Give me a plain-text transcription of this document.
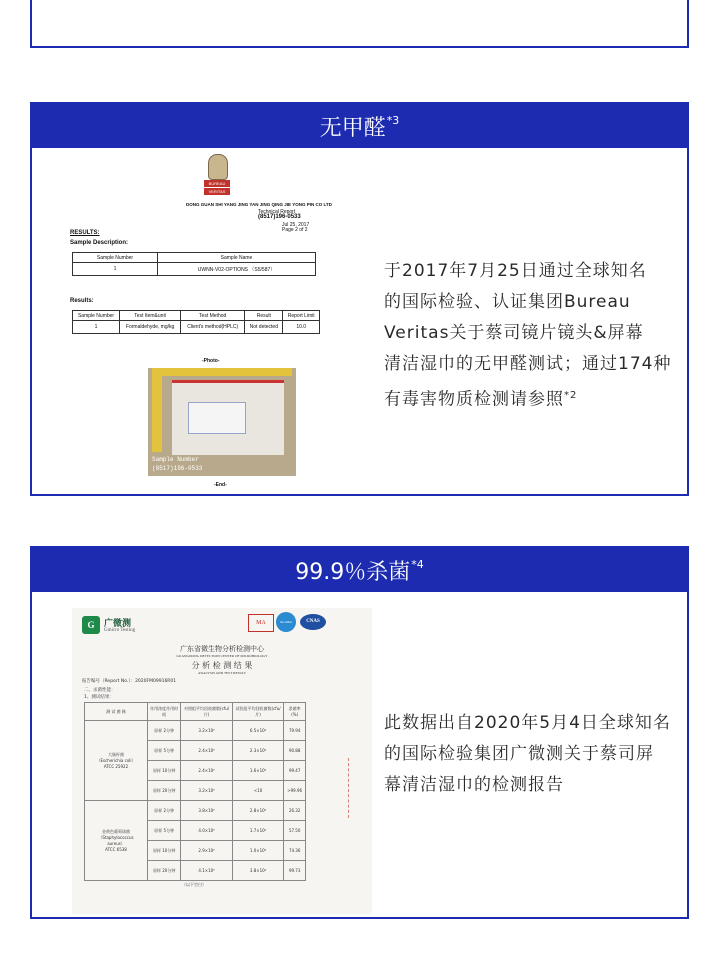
无甲醛$^{*3}$
BUREAU
VERITAS
DONG GUAN SHI YANG JING YAN JING QING JIE YONG PIN CO LTD
Technical Report
(8517)196-0533
Jul 25, 2017
Page 2 of 2
RESULTS:
Sample Description:
Sample Number	Sample Name
1	UWNN-V02-OPTIONS （S5/587）
Results:
Sample Number	Test Item&unit	Test Method	Result	Report Limit
1	Formaldehyde, mg/kg	Client's method(HPLC)	Not detected	10.0
-Photo-
Sample Number
(8517)196-0533
-End-
于2017年7月25日通过全球知名
的国际检验、认证集团Bureau
Veritas关于蔡司镜片镜头&屏幕
清洁湿巾的无甲醛测试；通过174种
有毒害物质检测请参照$^{*2}$
99.9％杀菌$^{*4}$
G	广微测
Gmicro Testing
MA	ilac-MRA	CNAS
广东省微生物分析检测中心
GUANGDONG DETECTION CENTER OF MICROBIOLOGY
分 析 检 测 结 果
ANALYSIS AND TEST RESULT
报告编号（Report No.）：2020FM09916R01
二、杀菌性能：
1、测试结果：
测 试 菌 株	作用浓度作用时间	对照组平均回收菌数(cfu/片)	试验组平均回收菌数(cfu/片)	杀菌率(%)

大肠杆菌
（Escherichia coli）
ATCC 25922	原样 2分钟	3.2×10⁶	6.5×10⁴	79.94
	原样 5分钟	2.4×10⁶	2.3×10⁵	90.88
	原样 10分钟	2.4×10⁶	1.6×10⁵	99.47
	原样 20分钟	3.2×10⁶	<10	>99.96

金黄色葡萄球菌
（Staphylococcus
aureus）
ATCC 6538	原样 2分钟	3.8×10⁶	2.8×10⁶	26.32
	原样 5分钟	4.0×10⁶	1.7×10⁶	57.50
	原样 10分钟	2.9×10⁶	1.0×10⁵	74.36
	原样 20分钟	4.1×10⁶	3.8×10⁴	99.73
（以下空白）
此数据出自2020年5月4日全球知名
的国际检验集团广微测关于蔡司屏
幕清洁湿巾的检测报告
